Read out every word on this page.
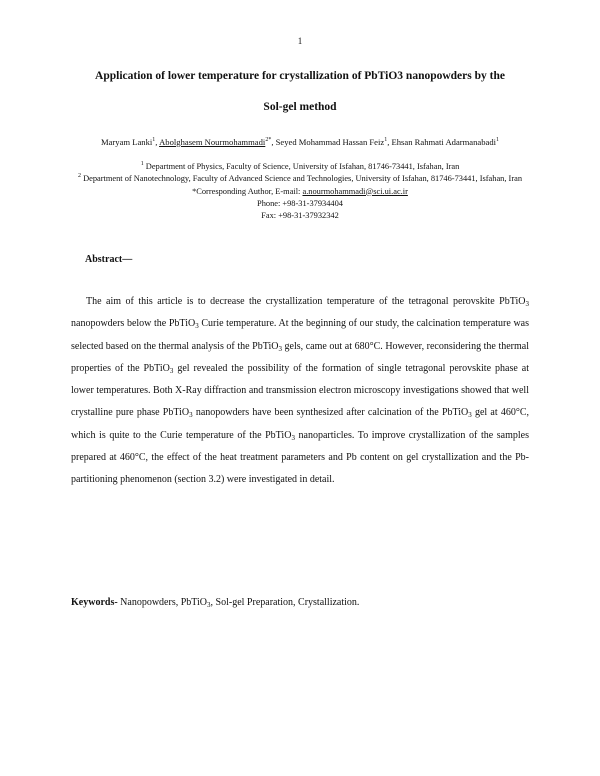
1
Application of lower temperature for crystallization of PbTiO3 nanopowders by the
Sol-gel method
Maryam Lanki$^1$, Abolghasem Nourmohammadi$^{2*}$, Seyed Mohammad Hassan Feiz$^1$, Ehsan Rahmati Adarmanabadi$^1$
$^1$ Department of Physics, Faculty of Science, University of Isfahan, 81746-73441, Isfahan, Iran
$^2$ Department of Nanotechnology, Faculty of Advanced Science and Technologies, University of Isfahan, 81746-73441, Isfahan, Iran
*Corresponding Author, E-mail: a.nourmohammadi@sci.ui.ac.ir
Phone: +98-31-37934404
Fax: +98-31-37932342
Abstract—
The aim of this article is to decrease the crystallization temperature of the tetragonal perovskite PbTiO$_3$ nanopowders below the PbTiO$_3$ Curie temperature. At the beginning of our study, the calcination temperature was selected based on the thermal analysis of the PbTiO$_3$ gels, came out at 680°C. However, reconsidering the thermal properties of the PbTiO$_3$ gel revealed the possibility of the formation of single tetragonal perovskite phase at lower temperatures. Both X-Ray diffraction and transmission electron microscopy investigations showed that well crystalline pure phase PbTiO$_3$ nanopowders have been synthesized after calcination of the PbTiO$_3$ gel at 460°C, which is quite to the Curie temperature of the PbTiO$_3$ nanoparticles. To improve crystallization of the samples prepared at 460°C, the effect of the heat treatment parameters and Pb content on gel crystallization and the Pb-partitioning phenomenon (section 3.2) were investigated in detail.
Keywords- Nanopowders, PbTiO$_3$, Sol-gel Preparation, Crystallization.
